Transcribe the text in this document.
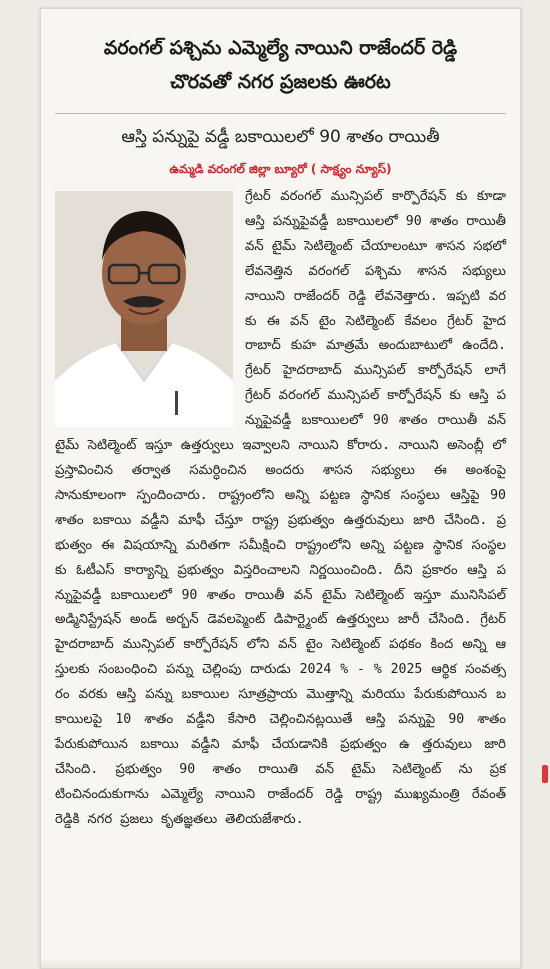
వరంగల్ పశ్చిమ ఎమ్మెల్యే నాయిని రాజేందర్ రెడ్డి
చొరవతో నగర ప్రజలకు ఊరట
ఆస్తి పన్నుపై వడ్డీ బకాయిలలో 90 శాతం రాయితీ
ఉమ్మడి వరంగల్ జిల్లా బ్యూరో ( సాక్ష్యం న్యూస్)

గ్రేటర్ వరంగల్ మున్సిపల్ కార్పొరేషన్ కు కూడా ఆస్తి పన్నుపైవడ్డీ బకాయిలలో 90 శాతం రాయితీ వన్ టైమ్ సెటిల్మెంట్ చేయాలంటూ శాసన సభలో లేవనెత్తిన వరంగల్ పశ్చిమ శాసన సభ్యులు నాయిని రాజేందర్ రెడ్డి లేవనెత్తారు. ఇప్పటి వరకు ఈ వన్ టైం సెటిల్మెంట్ కేవలం గ్రేటర్ హైదరాబాద్ కుహ మాత్రమే అందుబాటులో ఉందేది. గ్రేటర్ హైదరాబాద్ మున్సిపల్ కార్పోరేషన్ లాగే గ్రేటర్ వరంగల్ మున్సిపల్ కార్పోరేషన్ కు ఆస్తి పన్నుపైవడ్డీ బకాయిలలో 90 శాతం రాయితీ వన్ టైమ్ సెటిల్మెంట్ ఇస్తూ ఉత్తర్వులు ఇవ్వాలని నాయిని కోరారు. నాయిని అసెంబ్లీ లో ప్రస్తావించిన తర్వాత సమర్ధించిన అందరు శాసన సభ్యులు ఈ అంశంపై సానుకూలంగా స్పందించారు. రాష్ట్రంలోని అన్ని పట్టణ స్థానిక సంస్థలు ఆస్తిపై 90 శాతం బకాయి వడ్డీని మాఫీ చేస్తూ రాష్ట్ర ప్రభుత్వం ఉత్తరువులు జారి చేసింది. ప్రభుత్వం ఈ విషయాన్ని మరితగా సమీక్షించి రాష్ట్రంలోని అన్ని పట్టణ స్థానిక సంస్థలకు ఓటీఎస్ కార్యాన్ని ప్రభుత్వం విస్తరించాలని నిర్ణయించింది. దీని ప్రకారం ఆస్తి పన్నుపైవడ్డీ బకాయిలలో 90 శాతం రాయితీ వన్ టైమ్ సెటిల్మెంట్ ఇస్తూ మునిసిపల్ అడ్మినిస్ట్రేషన్ అండ్ అర్బన్ డెవలప్మెంట్ డిపార్ట్మెంట్ ఉత్తర్వులు జారీ చేసింది. గ్రేటర్ హైదరాబాద్ మున్సిపల్ కార్పోరేషన్ లోని వన్ టైం సెటిల్మెంట్ పథకం కింద అన్ని ఆస్తులకు సంబంధించి పన్ను చెల్లింపు దారుడు 2024 % - % 2025 ఆర్థిక సంవత్సరం వరకు ఆస్తి పన్ను బకాయిల సూత్రప్రాయ మొత్తాన్ని మరియు పేరుకుపోయిన బకాయిలపై 10 శాతం వడ్డీని కేసారి చెల్లించినట్లయితే ఆస్తి పన్నుపై 90 శాతం పేరుకుపోయిన బకాయి వడ్డీని మాఫీ చేయడానికి ప్రభుత్వం ఉ త్తరువులు జారి చేసింది. ప్రభుత్వం 90 శాతం రాయితి వన్ టైమ్ సెటిల్మెంట్ ను ప్రకటించినందుకుగాను ఎమ్మెల్యే నాయిని రాజేందర్ రెడ్డి రాష్ట్ర ముఖ్యమంత్రి రేవంత్ రెడ్డికి నగర ప్రజలు కృతజ్ఞతలు తెలియజేశారు.
